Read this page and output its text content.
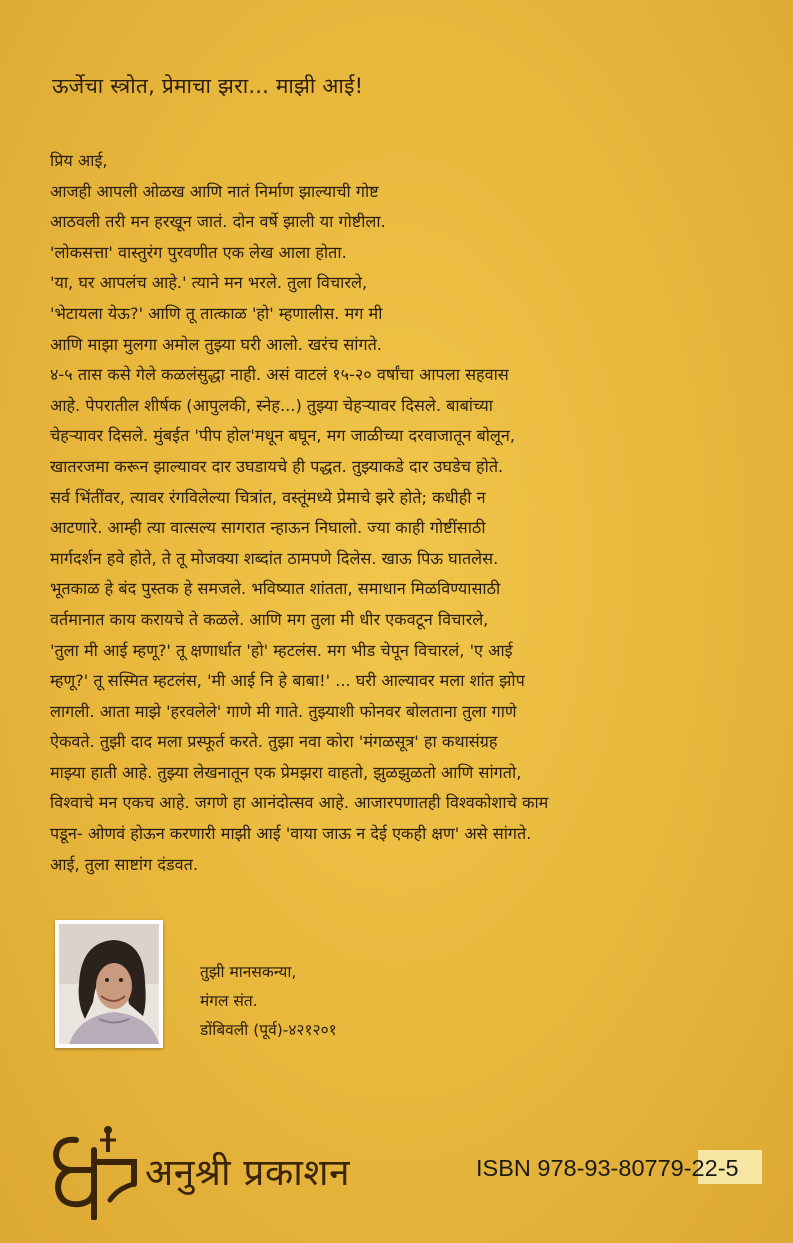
ऊर्जेचा स्त्रोत, प्रेमाचा झरा... माझी आई!
प्रिय आई,
आजही आपली ओळख आणि नातं निर्माण झाल्याची गोष्ट
आठवली तरी मन हरखून जातं. दोन वर्षे झाली या गोष्टीला.
'लोकसत्ता' वास्तुरंग पुरवणीत एक लेख आला होता.
'या, घर आपलंच आहे.' त्याने मन भरले. तुला विचारले,
'भेटायला येऊ?' आणि तू तात्काळ 'हो' म्हणालीस. मग मी
आणि माझा मुलगा अमोल तुझ्या घरी आलो. खरंच सांगते.
४-५ तास कसे गेले कळलंसुद्धा नाही. असं वाटलं १५-२० वर्षांचा आपला सहवास
आहे. पेपरातील शीर्षक (आपुलकी, स्नेह...) तुझ्या चेहऱ्यावर दिसले. बाबांच्या
चेहऱ्यावर दिसले. मुंबईत 'पीप होल'मधून बघून, मग जाळीच्या दरवाजातून बोलून,
खातरजमा करून झाल्यावर दार उघडायचे ही पद्धत. तुझ्याकडे दार उघडेच होते.
सर्व भिंतींवर, त्यावर रंगविलेल्या चित्रांत, वस्तूंमध्ये प्रेमाचे झरे होते; कधीही न
आटणारे. आम्ही त्या वात्सल्य सागरात न्हाऊन निघालो. ज्या काही गोष्टींसाठी
मार्गदर्शन हवे होते, ते तू मोजक्या शब्दांत ठामपणे दिलेस. खाऊ पिऊ घातलेस.
भूतकाळ हे बंद पुस्तक हे समजले. भविष्यात शांतता, समाधान मिळविण्यासाठी
वर्तमानात काय करायचे ते कळले. आणि मग तुला मी धीर एकवटून विचारले,
'तुला मी आई म्हणू?' तू क्षणार्धात 'हो' म्हटलंस. मग भीड चेपून विचारलं, 'ए आई
म्हणू?' तू सस्मित म्हटलंस, 'मी आई नि हे बाबा!' ... घरी आल्यावर मला शांत झोप
लागली. आता माझे 'हरवलेले' गाणे मी गाते. तुझ्याशी फोनवर बोलताना तुला गाणे
ऐकवते. तुझी दाद मला प्रस्फूर्त करते. तुझा नवा कोरा 'मंगळसूत्र' हा कथासंग्रह
माझ्या हाती आहे. तुझ्या लेखनातून एक प्रेमझरा वाहतो, झुळझुळतो आणि सांगतो,
विश्वाचे मन एकच आहे. जगणे हा आनंदोत्सव आहे. आजारपणातही विश्वकोशाचे काम
पडून- ओणवं होऊन करणारी माझी आई 'वाया जाऊ न देई एकही क्षण' असे सांगते.
आई, तुला साष्टांग दंडवत.
तुझी मानसकन्या,
मंगल संत.
डोंबिवली (पूर्व)-४२१२०१
अनुश्री प्रकाशन	ISBN 978-93-80779-22-5
